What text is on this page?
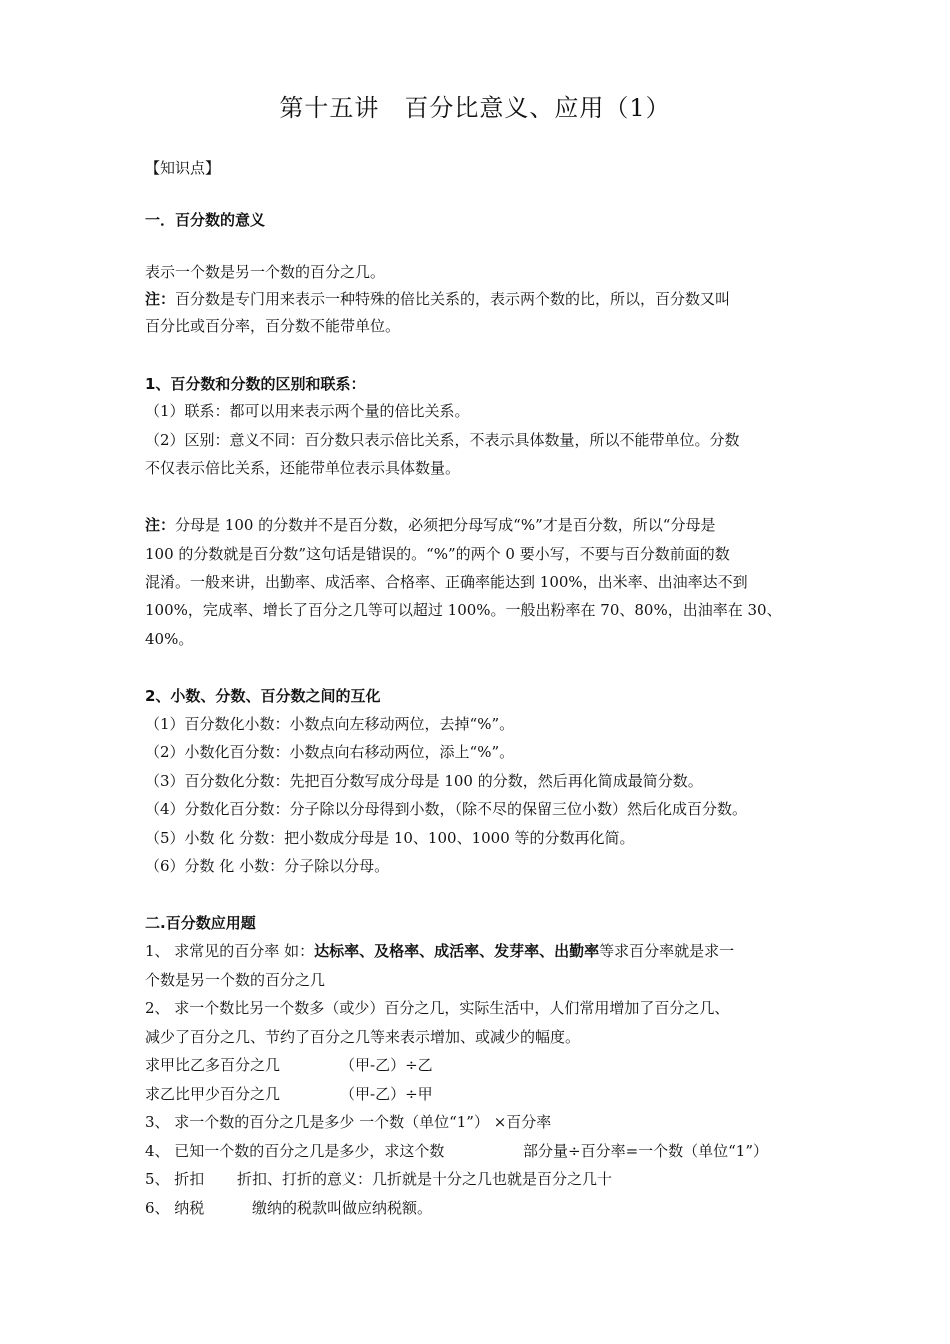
第十五讲　百分比意义、应用（1）
【知识点】
一．百分数的意义
表示一个数是另一个数的百分之几。
注：百分数是专门用来表示一种特殊的倍比关系的，表示两个数的比，所以，百分数又叫
百分比或百分率，百分数不能带单位。
1、百分数和分数的区别和联系：
（1）联系：都可以用来表示两个量的倍比关系。
（2）区别：意义不同：百分数只表示倍比关系，不表示具体数量，所以不能带单位。分数
不仅表示倍比关系，还能带单位表示具体数量。
注：分母是 100 的分数并不是百分数，必须把分母写成“%”才是百分数，所以“分母是
100 的分数就是百分数”这句话是错误的。“%”的两个 0 要小写，不要与百分数前面的数
混淆。一般来讲，出勤率、成活率、合格率、正确率能达到 100%，出米率、出油率达不到
100%，完成率、增长了百分之几等可以超过 100%。一般出粉率在 70、80%，出油率在 30、
40%。
2、小数、分数、百分数之间的互化
（1）百分数化小数：小数点向左移动两位，去掉“%”。
（2）小数化百分数：小数点向右移动两位，添上“%”。
（3）百分数化分数：先把百分数写成分母是 100 的分数，然后再化简成最简分数。
（4）分数化百分数：分子除以分母得到小数，（除不尽的保留三位小数）然后化成百分数。
（5）小数 化 分数：把小数成分母是 10、100、1000 等的分数再化简。
（6）分数 化 小数：分子除以分母。
二.百分数应用题
1、 求常见的百分率 如：达标率、及格率、成活率、发芽率、出勤率等求百分率就是求一
个数是另一个数的百分之几
2、 求一个数比另一个数多（或少）百分之几，实际生活中，人们常用增加了百分之几、
减少了百分之几、节约了百分之几等来表示增加、或减少的幅度。
求甲比乙多百分之几	（甲-乙）÷乙
求乙比甲少百分之几	（甲-乙）÷甲
3、 求一个数的百分之几是多少 一个数（单位“1”） ×百分率
4、 已知一个数的百分之几是多少，求这个数	部分量÷百分率=一个数（单位“1”）
5、 折扣 折扣、打折的意义：几折就是十分之几也就是百分之几十
6、 纳税	缴纳的税款叫做应纳税额。
